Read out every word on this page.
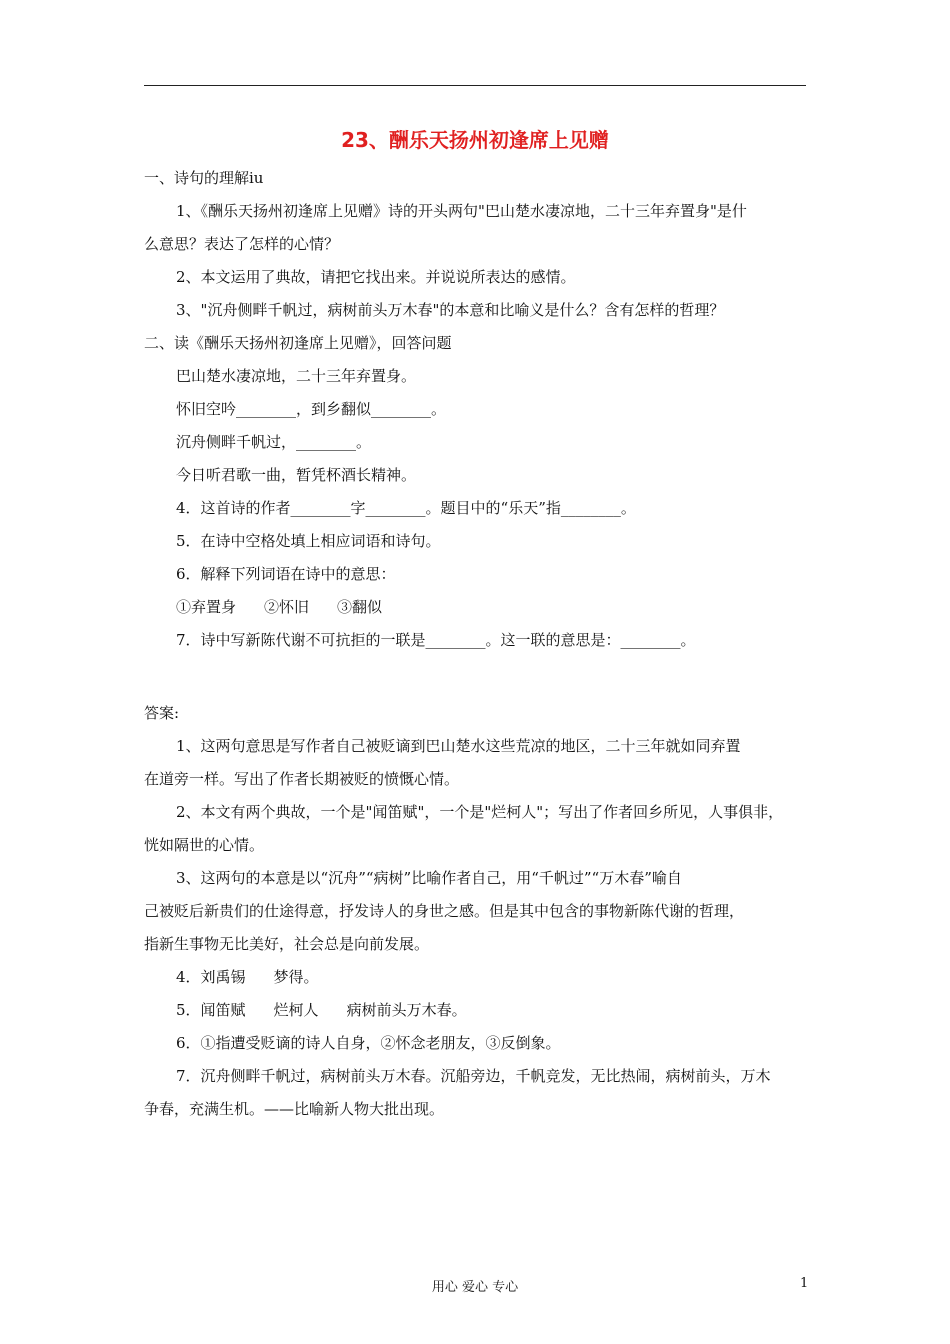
23、酬乐天扬州初逢席上见赠
一、诗句的理解iu
1、《酬乐天扬州初逢席上见赠》诗的开头两句"巴山楚水凄凉地，二十三年弃置身"是什
么意思？表达了怎样的心情？
2、本文运用了典故，请把它找出来。并说说所表达的感情。
3、"沉舟侧畔千帆过，病树前头万木春"的本意和比喻义是什么？含有怎样的哲理？
二、读《酬乐天扬州初逢席上见赠》，回答问题
巴山楚水凄凉地，二十三年弃置身。
怀旧空吟________，到乡翻似________。
沉舟侧畔千帆过，________。
今日听君歌一曲，暂凭杯酒长精神。
4．这首诗的作者________字________。题目中的“乐天”指________。
5．在诗中空格处填上相应词语和诗句。
6．解释下列词语在诗中的意思：
①弃置身 ②怀旧 ③翻似
7．诗中写新陈代谢不可抗拒的一联是________。这一联的意思是：________。
答案:
1、这两句意思是写作者自己被贬谪到巴山楚水这些荒凉的地区，二十三年就如同弃置
在道旁一样。写出了作者长期被贬的愤慨心情。
2、本文有两个典故，一个是"闻笛赋"，一个是"烂柯人"；写出了作者回乡所见，人事俱非，
恍如隔世的心情。
3、这两句的本意是以“沉舟”“病树”比喻作者自己，用“千帆过”“万木春”喻自
己被贬后新贵们的仕途得意，抒发诗人的身世之感。但是其中包含的事物新陈代谢的哲理，
指新生事物无比美好，社会总是向前发展。
4．刘禹锡 梦得。
5．闻笛赋 烂柯人 病树前头万木春。
6．①指遭受贬谪的诗人自身，②怀念老朋友，③反倒象。
7．沉舟侧畔千帆过，病树前头万木春。沉船旁边，千帆竞发，无比热闹，病树前头，万木
争春，充满生机。——比喻新人物大批出现。
用心 爱心 专心	1
